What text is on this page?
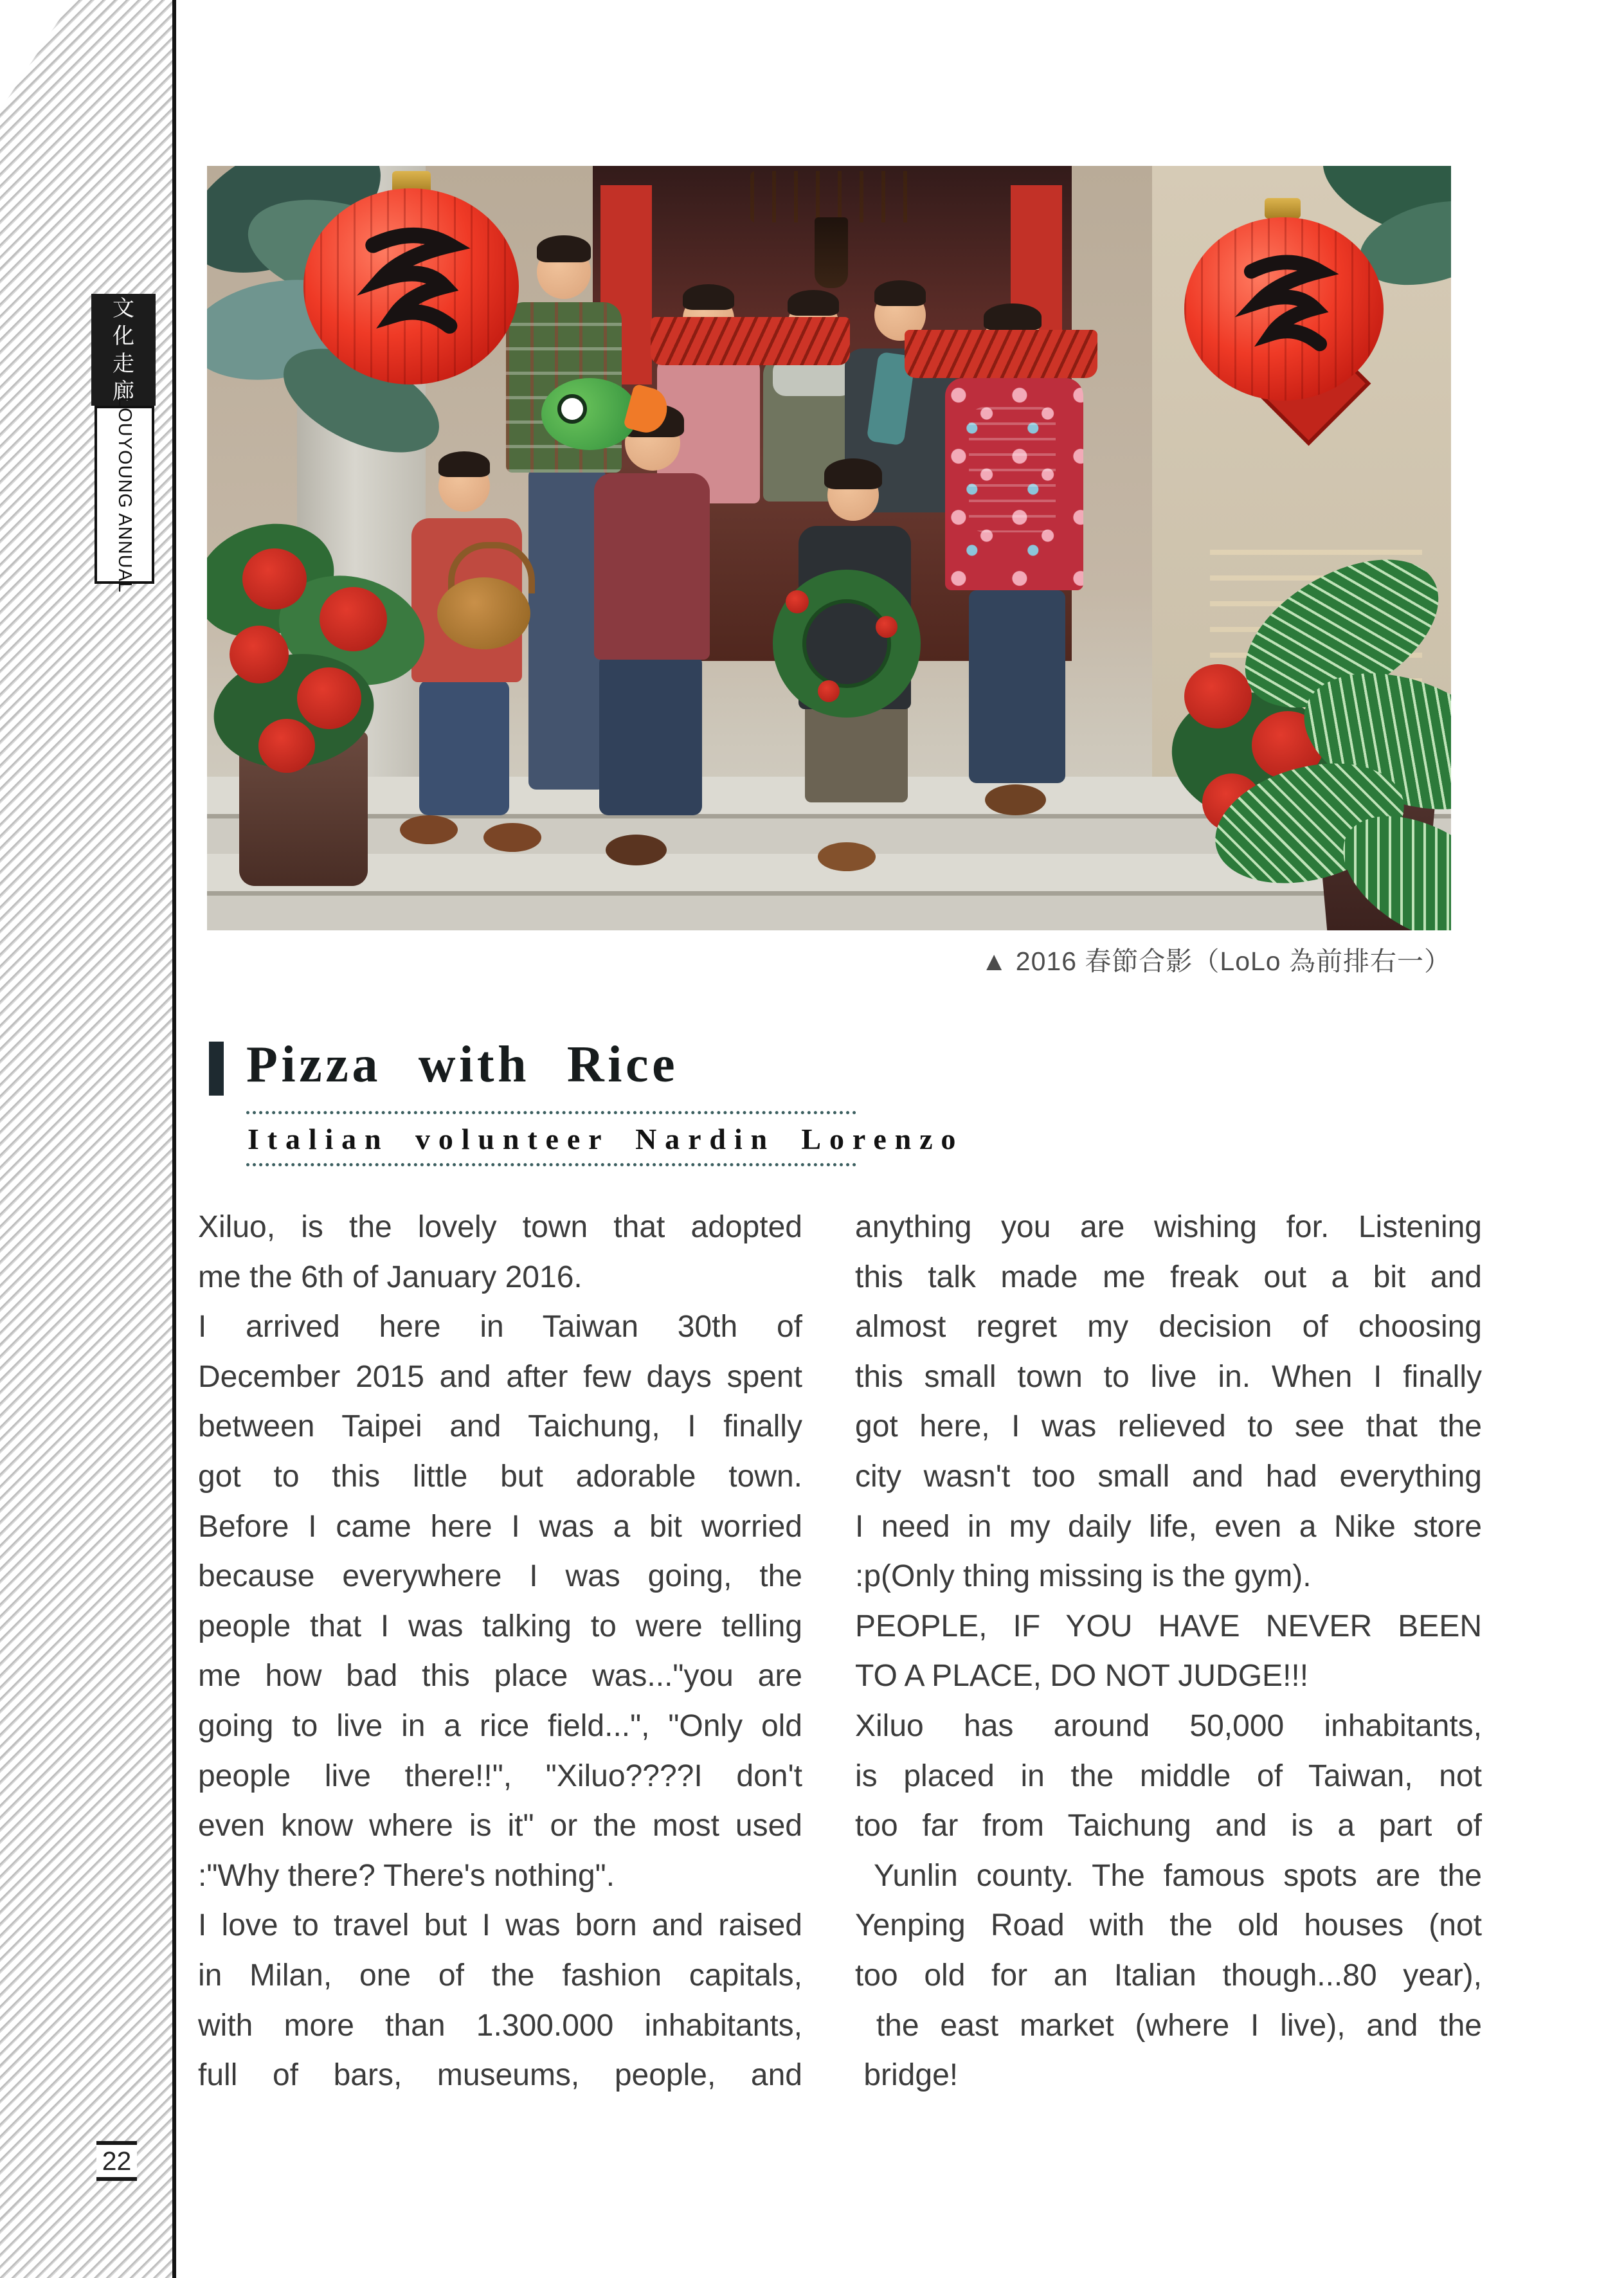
文
化
走
廊
LOUYOUNG ANNUAL
▲ 2016 春節合影（LoLo 為前排右一）
Pizza with Rice
Italian volunteer Nardin Lorenzo
Xiluo, is the lovely town that adopted
me the 6th of January 2016.
I arrived here in Taiwan 30th of
December 2015 and after few days spent
between Taipei and Taichung, I finally
got to this little but adorable town.
Before I came here I was a bit worried
because everywhere I was going, the
people that I was talking to were telling
me how bad this place was..."you are
going to live in a rice field...", "Only old
people live there!!", "Xiluo????I don't
even know where is it" or the most used
:"Why there? There's nothing".
I love to travel but I was born and raised
in Milan, one of the fashion capitals,
with more than 1.300.000 inhabitants,
full of bars, museums, people, and
anything you are wishing for. Listening
this talk made me freak out a bit and
almost regret my decision of choosing
this small town to live in. When I finally
got here, I was relieved to see that the
city wasn't too small and had everything
I need in my daily life, even a Nike store
:p(Only thing missing is the gym).
PEOPLE, IF YOU HAVE NEVER BEEN
TO A PLACE, DO NOT JUDGE!!!
Xiluo has around 50,000 inhabitants,
is placed in the middle of Taiwan, not
too far from Taichung and is a part of
Yunlin county. The famous spots are the
Yenping Road with the old houses (not
too old for an Italian though...80 year),
the east market (where I live), and the
bridge!
22
